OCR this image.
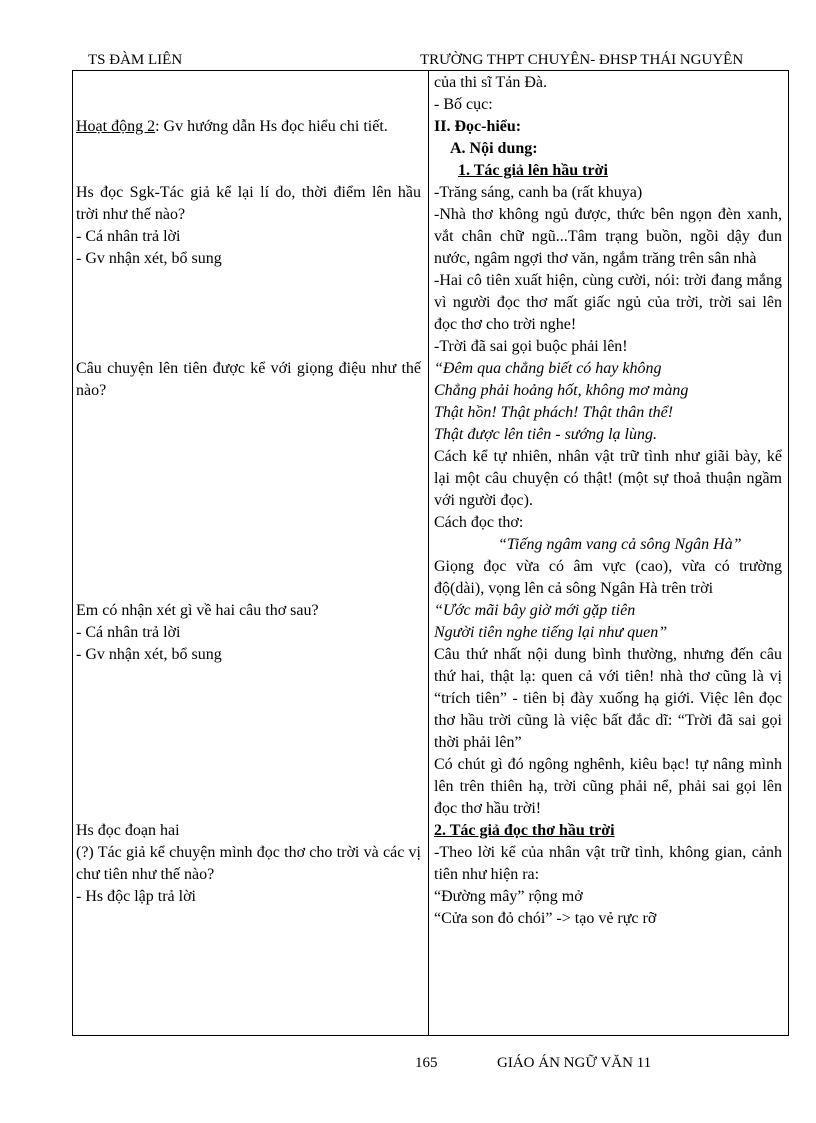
TS ĐÀM LIÊN	TRƯỜNG THPT CHUYÊN- ĐHSP THÁI NGUYÊN

Hoạt động 2: Gv hướng dẫn Hs đọc hiểu chi tiết.

Hs đọc Sgk-Tác giả kể lại lí do, thời điểm lên hầu trời như thế nào?

- Cá nhân trả lời

- Gv nhận xét, bổ sung

Câu chuyện lên tiên được kể với giọng điệu như thế nào?

Em có nhận xét gì về hai câu thơ sau?

- Cá nhân trả lời

- Gv nhận xét, bổ sung

Hs đọc đoạn hai

(?) Tác giả kể chuyện mình đọc thơ cho trời và các vị chư tiên như thế nào?

- Hs độc lập trả lời

của thi sĩ Tản Đà.

- Bố cục:

II. Đọc-hiểu:

A. Nội dung:

1. Tác giả lên hầu trời

-Trăng sáng, canh ba (rất khuya)

-Nhà thơ không ngủ được, thức bên ngọn đèn xanh, vắt chân chữ ngũ...Tâm trạng buồn, ngồi dậy đun nước, ngâm ngợi thơ văn, ngắm trăng trên sân nhà

-Hai cô tiên xuất hiện, cùng cười, nói: trời đang mắng vì người đọc thơ mất giấc ngủ của trời, trời sai lên đọc thơ cho trời nghe!

-Trời đã sai gọi buộc phải lên!

“Đêm qua chẳng biết có hay không

Chẳng phải hoảng hốt, không mơ màng

Thật hồn! Thật phách! Thật thân thể!

Thật được lên tiên - sướng lạ lùng.

Cách kể tự nhiên, nhân vật trữ tình như giãi bày, kể lại một câu chuyện có thật! (một sự thoả thuận ngầm với người đọc).

Cách đọc thơ:

“Tiếng ngâm vang cả sông Ngân Hà”

Giọng đọc vừa có âm vực (cao), vừa có trường độ(dài), vọng lên cả sông Ngân Hà trên trời

“Ước mãi bây giờ mới gặp tiên

Người tiên nghe tiếng lại như quen”

Câu thứ nhất nội dung bình thường, nhưng đến câu thứ hai, thật lạ: quen cả với tiên! nhà thơ cũng là vị “trích tiên” - tiên bị đày xuống hạ giới. Việc lên đọc thơ hầu trời cũng là việc bất đắc dĩ: “Trời đã sai gọi thời phải lên”

Có chút gì đó ngông nghênh, kiêu bạc! tự nâng mình lên trên thiên hạ, trời cũng phải nể, phải sai gọi lên đọc thơ hầu trời!

2. Tác giả đọc thơ hầu trời

-Theo lời kể của nhân vật trữ tình, không gian, cảnh tiên như hiện ra:

“Đường mây” rộng mở

“Cửa son đỏ chói” -> tạo vẻ rực rỡ

165	GIÁO ÁN NGỮ VĂN 11
